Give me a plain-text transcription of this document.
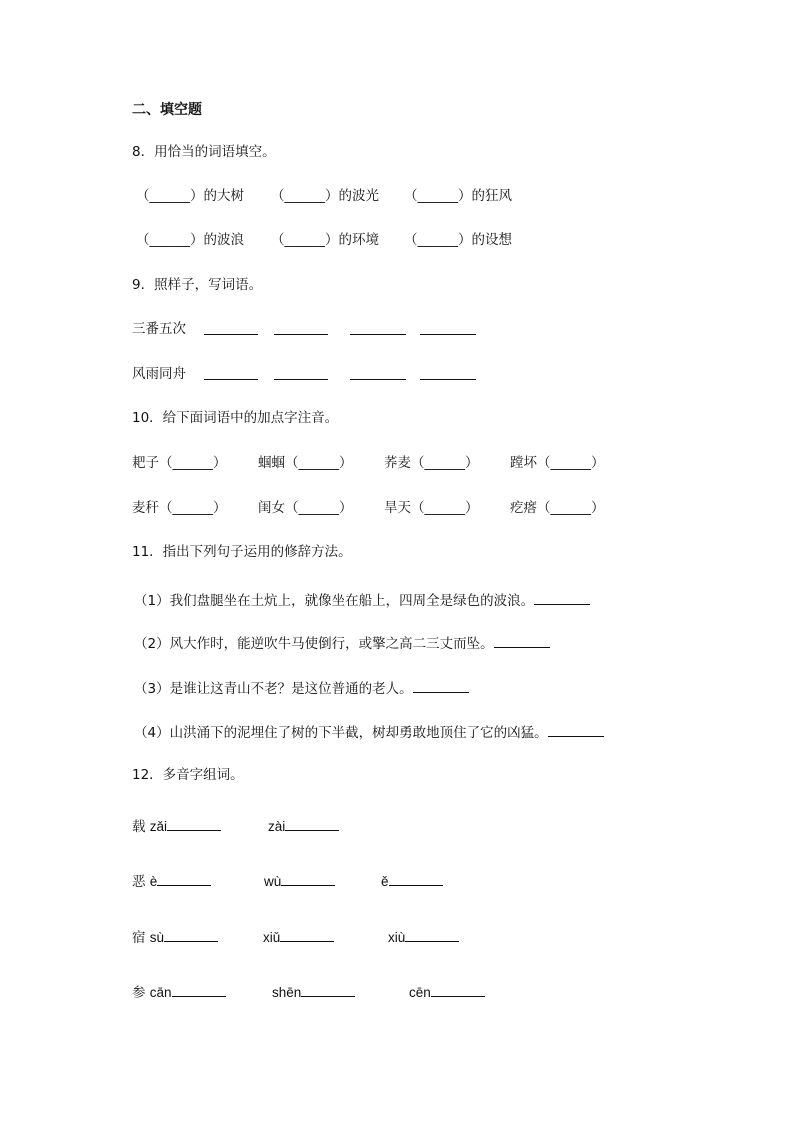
二、填空题
8．用恰当的词语填空。
（______）的大树 （______）的波光 （______）的狂风
（______）的波浪 （______）的环境 （______）的设想
9．照样子，写词语。
三番五次
风雨同舟
10．给下面词语中的加点字注音。
耙子（______） 蝈蝈（______） 荞麦（______） 蹚坏（______）
麦秆（______） 闺女（______） 旱天（______） 疙瘩（______）
11．指出下列句子运用的修辞方法。
（1）我们盘腿坐在土炕上，就像坐在船上，四周全是绿色的波浪。
（2）风大作时，能逆吹牛马使倒行，或擎之高二三丈而坠。
（3）是谁让这青山不老？是这位普通的老人。
（4）山洪涌下的泥埋住了树的下半截，树却勇敢地顶住了它的凶猛。
12．多音字组词。
载 zǎi	zài
恶 è	wù	ě
宿 sù	xiǔ	xiù
参 cān	shēn	cēn
